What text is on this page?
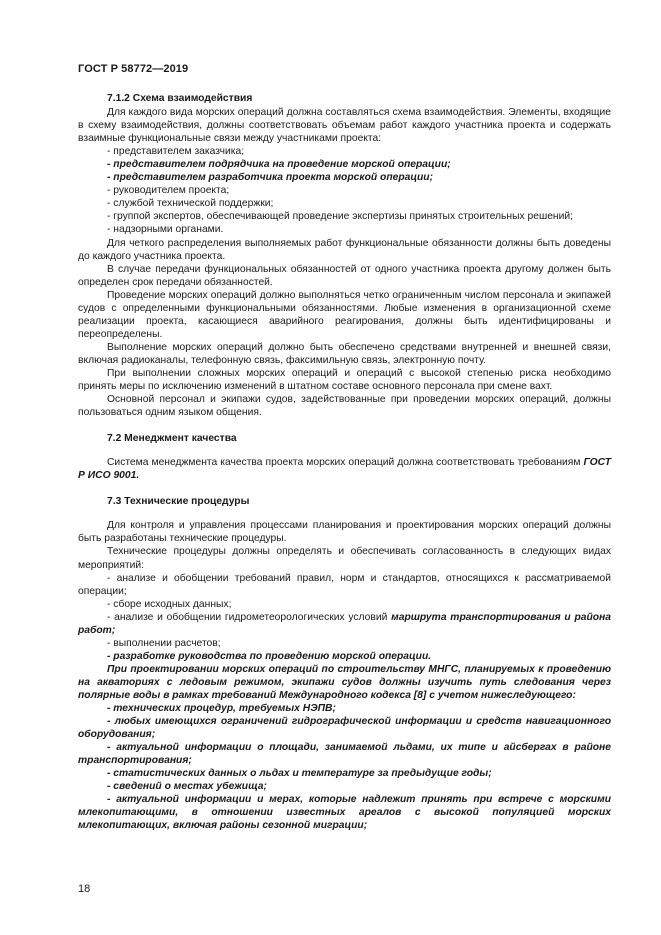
ГОСТ Р 58772—2019

7.1.2 Схема взаимодействия

Для каждого вида морских операций должна составляться схема взаимодействия. Элементы, входящие в схему взаимодействия, должны соответствовать объемам работ каждого участника проекта и содержать взаимные функциональные связи между участниками проекта:

- представителем заказчика;

- представителем подрядчика на проведение морской операции;

- представителем разработчика проекта морской операции;

- руководителем проекта;

- службой технической поддержки;

- группой экспертов, обеспечивающей проведение экспертизы принятых строительных решений;

- надзорными органами.

Для четкого распределения выполняемых работ функциональные обязанности должны быть доведены до каждого участника проекта.

В случае передачи функциональных обязанностей от одного участника проекта другому должен быть определен срок передачи обязанностей.

Проведение морских операций должно выполняться четко ограниченным числом персонала и экипажей судов с определенными функциональными обязанностями. Любые изменения в организационной схеме реализации проекта, касающиеся аварийного реагирования, должны быть идентифицированы и переопределены.

Выполнение морских операций должно быть обеспечено средствами внутренней и внешней связи, включая радиоканалы, телефонную связь, факсимильную связь, электронную почту.

При выполнении сложных морских операций и операций с высокой степенью риска необходимо принять меры по исключению изменений в штатном составе основного персонала при смене вахт.

Основной персонал и экипажи судов, задействованные при проведении морских операций, должны пользоваться одним языком общения.

7.2 Менеджмент качества

Система менеджмента качества проекта морских операций должна соответствовать требованиям ГОСТ Р ИСО 9001.

7.3 Технические процедуры

Для контроля и управления процессами планирования и проектирования морских операций должны быть разработаны технические процедуры.

Технические процедуры должны определять и обеспечивать согласованность в следующих видах мероприятий:

- анализе и обобщении требований правил, норм и стандартов, относящихся к рассматриваемой операции;

- сборе исходных данных;

- анализе и обобщении гидрометеорологических условий маршрута транспортирования и района работ;

- выполнении расчетов;

- разработке руководства по проведению морской операции.

При проектировании морских операций по строительству МНГС, планируемых к проведению на акваториях с ледовым режимом, экипажи судов должны изучить путь следования через полярные воды в рамках требований Международного кодекса [8] с учетом нижеследующего:

- технических процедур, требуемых НЭПВ;

- любых имеющихся ограничений гидрографической информации и средств навигационного оборудования;

- актуальной информации о площади, занимаемой льдами, их типе и айсбергах в районе транспортирования;

- статистических данных о льдах и температуре за предыдущие годы;

- сведений о местах убежища;

- актуальной информации и мерах, которые надлежит принять при встрече с морскими млекопитающими, в отношении известных ареалов с высокой популяцией морских млекопитающих, включая районы сезонной миграции;

18
